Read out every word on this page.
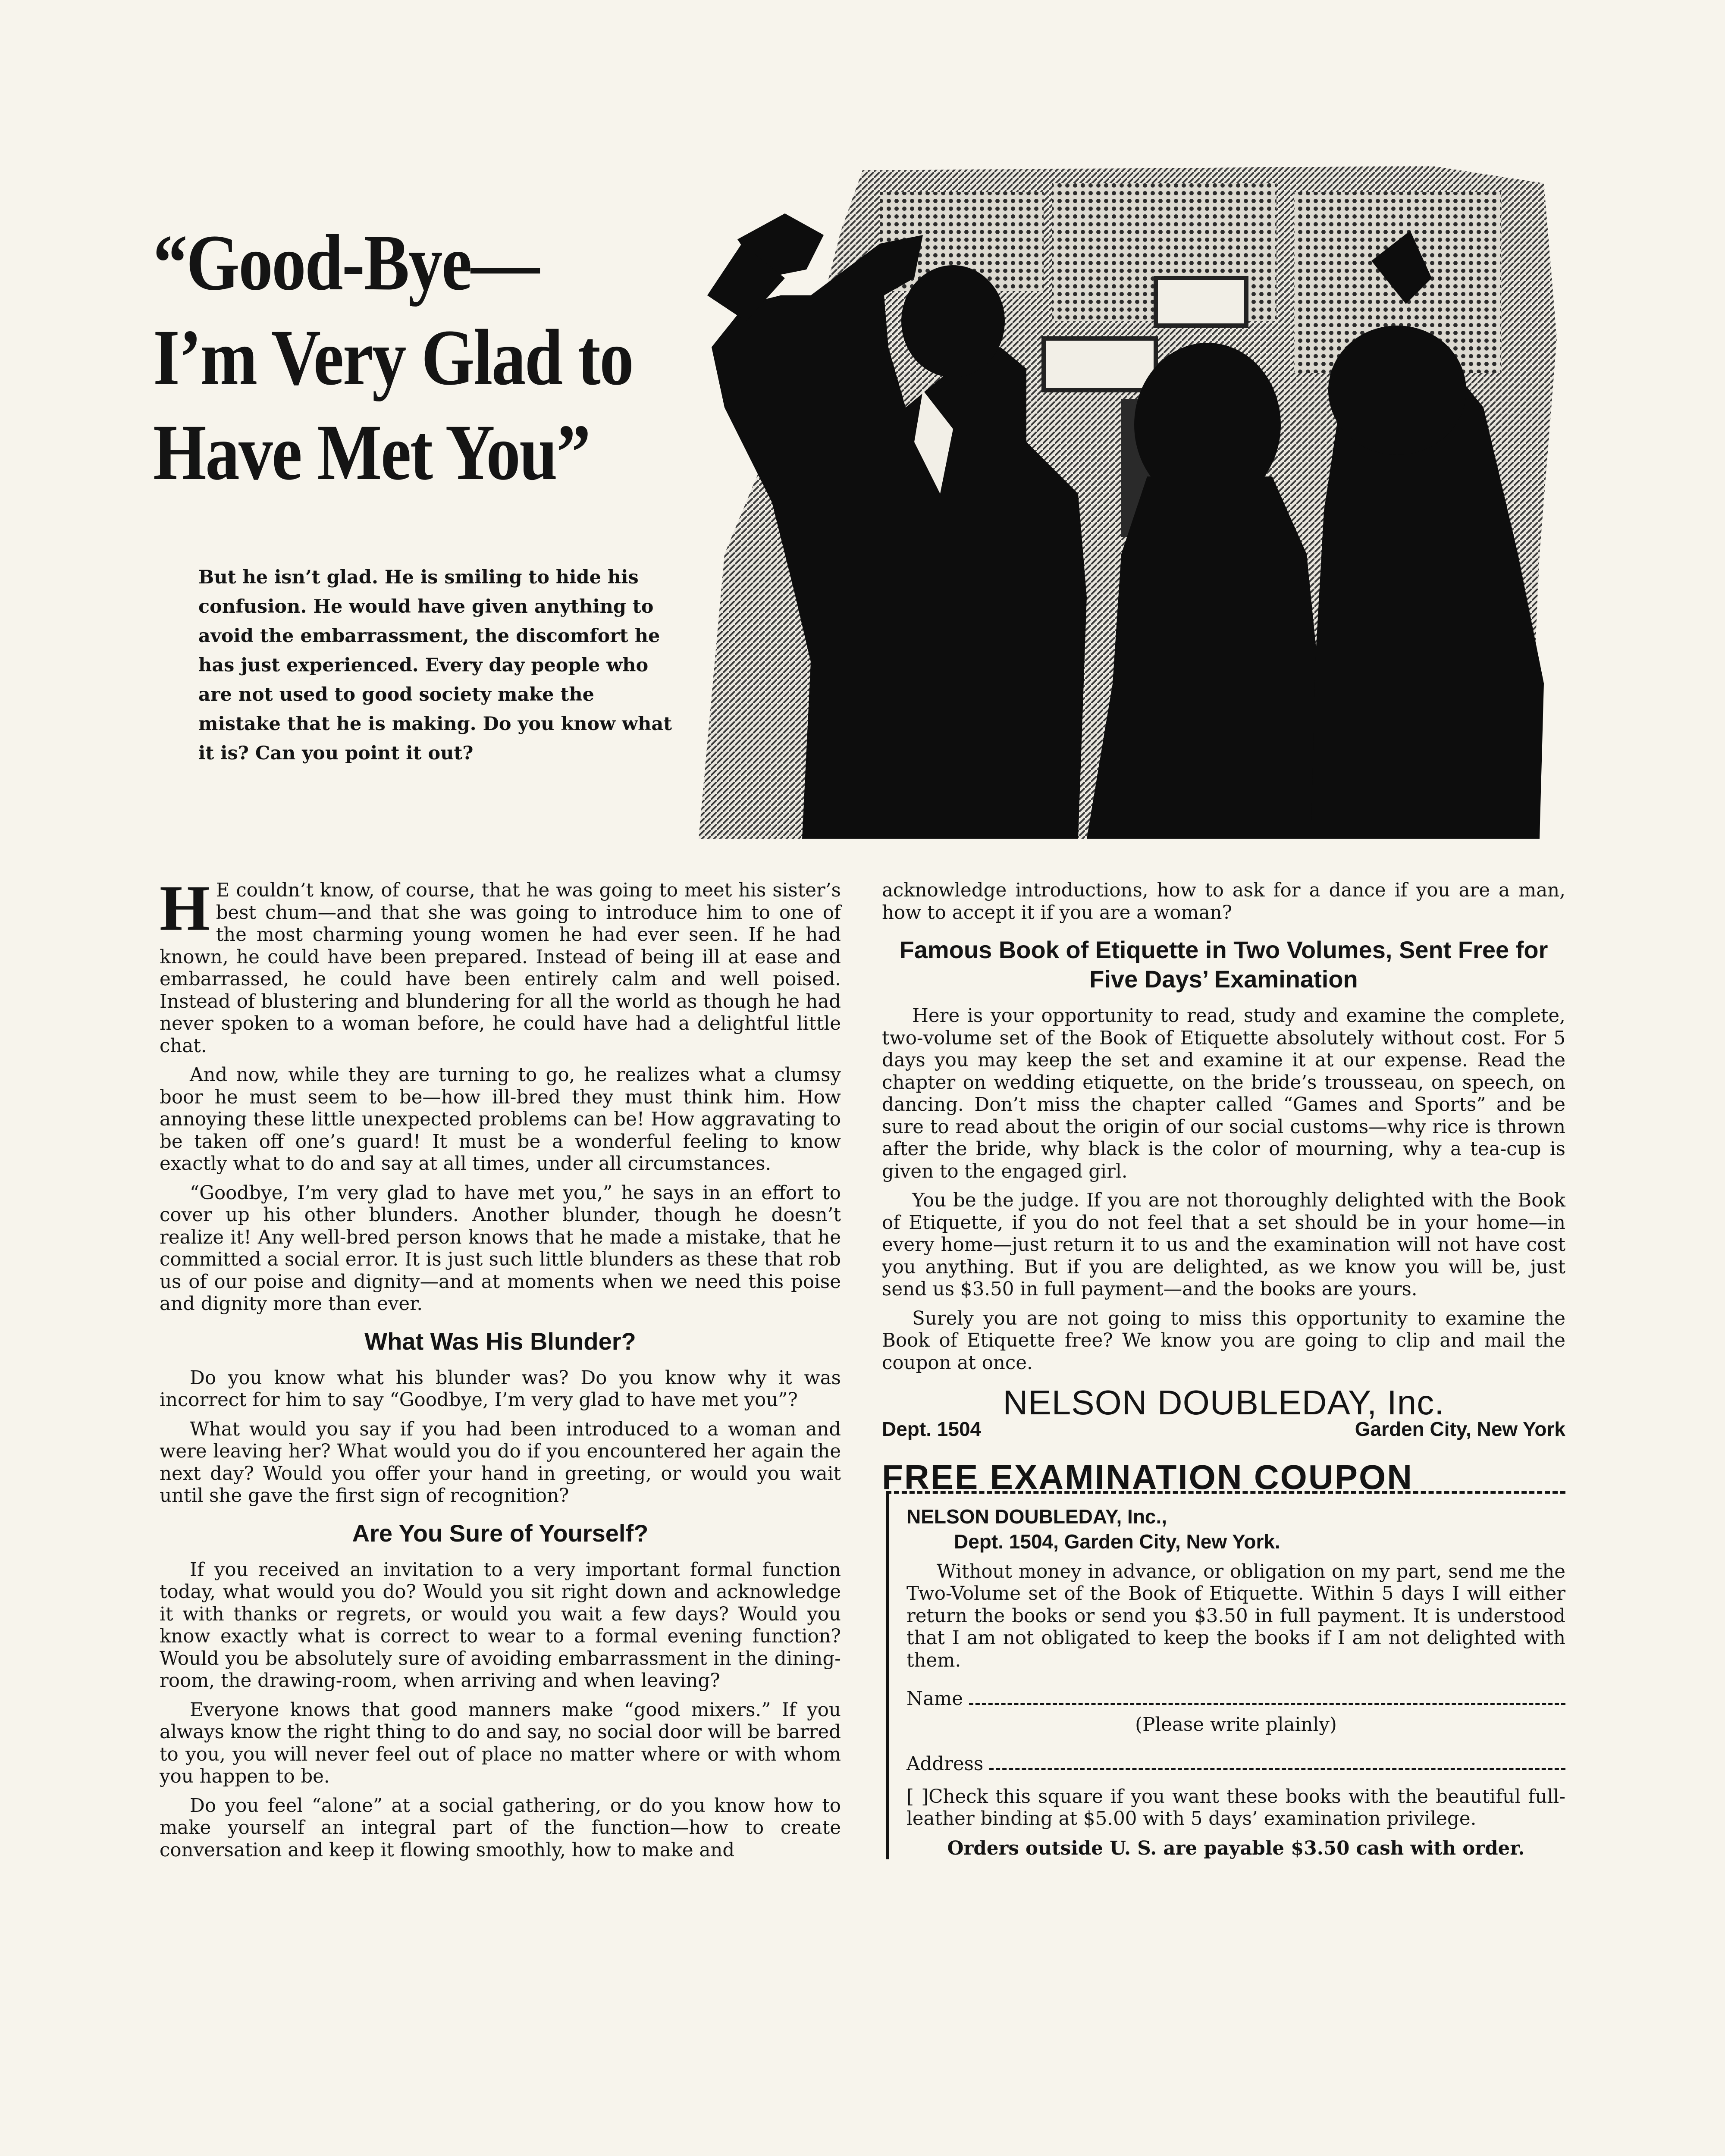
“Good-Bye—
I’m Very Glad to
Have Met You”

But he isn’t glad. He is smiling to hide his confusion. He would have given anything to avoid the embarrassment, the discomfort he has just experienced. Every day people who are not used to good society make the mistake that he is making. Do you know what it is? Can you point it out?

H E couldn’t know, of course, that he was going to meet his sister’s best chum—and that she was going to introduce him to one of the most charming young women he had ever seen. If he had known, he could have been prepared. Instead of being ill at ease and embarrassed, he could have been entirely calm and well poised. Instead of blustering and blundering for all the world as though he had never spoken to a woman before, he could have had a delightful little chat.

And now, while they are turning to go, he realizes what a clumsy boor he must seem to be—how ill-bred they must think him. How annoying these little unexpected problems can be! How aggravating to be taken off one’s guard! It must be a wonderful feeling to know exactly what to do and say at all times, under all circumstances.

“Goodbye, I’m very glad to have met you,” he says in an effort to cover up his other blunders. Another blunder, though he doesn’t realize it! Any well-bred person knows that he made a mistake, that he committed a social error. It is just such little blunders as these that rob us of our poise and dignity—and at moments when we need this poise and dignity more than ever.

What Was His Blunder?

Do you know what his blunder was? Do you know why it was incorrect for him to say “Goodbye, I’m very glad to have met you”?

What would you say if you had been introduced to a woman and were leaving her? What would you do if you encountered her again the next day? Would you offer your hand in greeting, or would you wait until she gave the first sign of recognition?

Are You Sure of Yourself?

If you received an invitation to a very important formal function today, what would you do? Would you sit right down and acknowledge it with thanks or regrets, or would you wait a few days? Would you know exactly what is correct to wear to a formal evening function? Would you be absolutely sure of avoiding embarrassment in the dining-room, the drawing-room, when arriving and when leaving?

Everyone knows that good manners make “good mixers.” If you always know the right thing to do and say, no social door will be barred to you, you will never feel out of place no matter where or with whom you happen to be.

Do you feel “alone” at a social gathering, or do you know how to make yourself an integral part of the function—how to create conversation and keep it flowing smoothly, how to make and

acknowledge introductions, how to ask for a dance if you are a man, how to accept it if you are a woman?

Famous Book of Etiquette in Two Volumes, Sent Free for Five Days’ Examination

Here is your opportunity to read, study and examine the complete, two-volume set of the Book of Etiquette absolutely without cost. For 5 days you may keep the set and examine it at our expense. Read the chapter on wedding etiquette, on the bride’s trousseau, on speech, on dancing. Don’t miss the chapter called “Games and Sports” and be sure to read about the origin of our social customs—why rice is thrown after the bride, why black is the color of mourning, why a tea-cup is given to the engaged girl.

You be the judge. If you are not thoroughly delighted with the Book of Etiquette, if you do not feel that a set should be in your home—in every home—just return it to us and the examination will not have cost you anything. But if you are delighted, as we know you will be, just send us $3.50 in full payment—and the books are yours.

Surely you are not going to miss this opportunity to examine the Book of Etiquette free? We know you are going to clip and mail the coupon at once.

NELSON DOUBLEDAY, Inc.
Dept. 1504	Garden City, New York
FREE EXAMINATION COUPON
NELSON DOUBLEDAY, Inc.,
Dept. 1504, Garden City, New York.

Without money in advance, or obligation on my part, send me the Two-Volume set of the Book of Etiquette. Within 5 days I will either return the books or send you $3.50 in full payment. It is understood that I am not obligated to keep the books if I am not delighted with them.

Name
(Please write plainly)
Address

[ ]Check this square if you want these books with the beautiful full-leather binding at $5.00 with 5 days’ examination privilege.

Orders outside U. S. are payable $3.50 cash with order.
